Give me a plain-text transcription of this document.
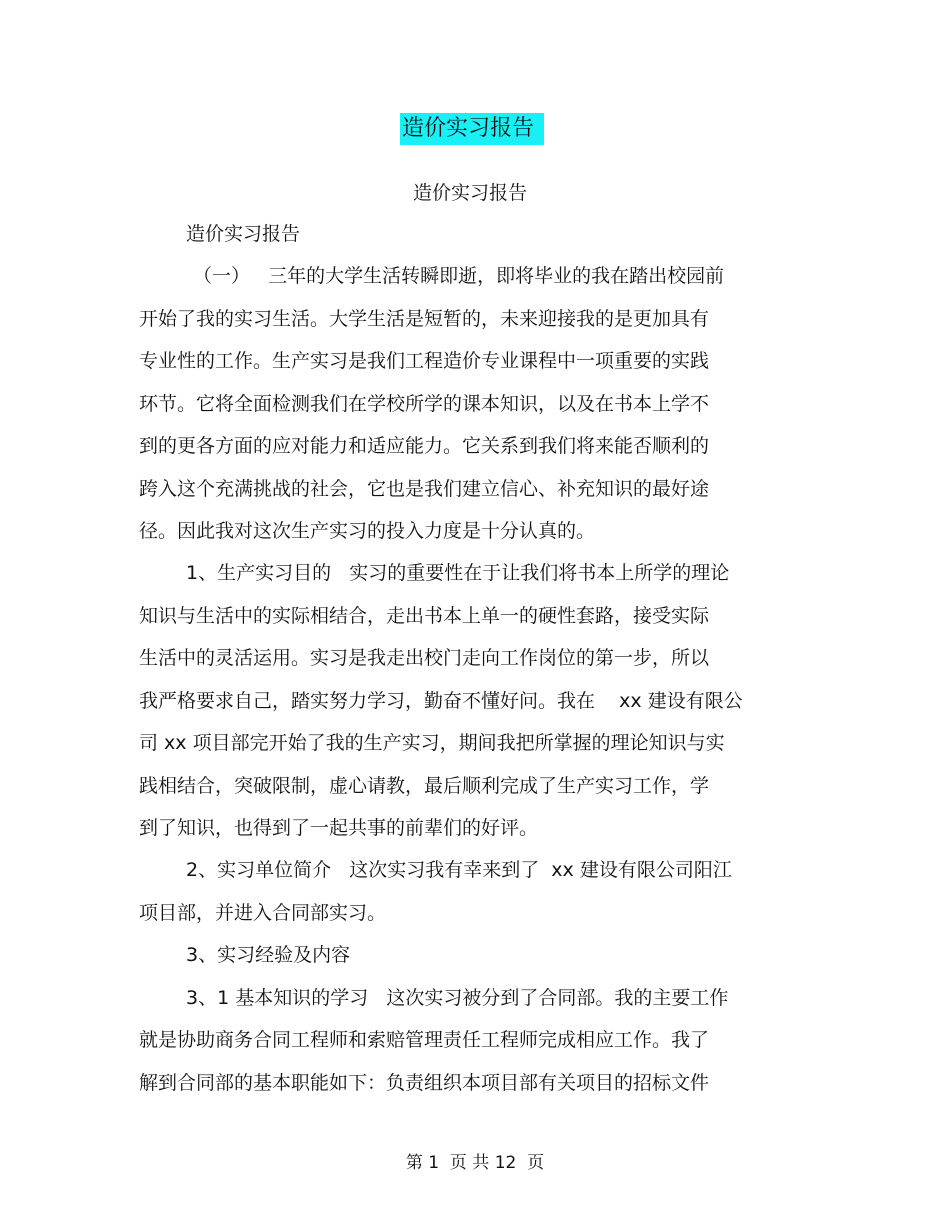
造价实习报告
造价实习报告
造价实习报告
（一）   三年的大学生活转瞬即逝，即将毕业的我在踏出校园前
开始了我的实习生活。大学生活是短暂的，未来迎接我的是更加具有
专业性的工作。生产实习是我们工程造价专业课程中一项重要的实践
环节。它将全面检测我们在学校所学的课本知识，以及在书本上学不
到的更各方面的应对能力和适应能力。它关系到我们将来能否顺利的
跨入这个充满挑战的社会，它也是我们建立信心、补充知识的最好途
径。因此我对这次生产实习的投入力度是十分认真的。
1、生产实习目的   实习的重要性在于让我们将书本上所学的理论
知识与生活中的实际相结合，走出书本上单一的硬性套路，接受实际
生活中的灵活运用。实习是我走出校门走向工作岗位的第一步，所以
我严格要求自己，踏实努力学习，勤奋不懂好问。我在    xx 建设有限公
司 xx 项目部完开始了我的生产实习，期间我把所掌握的理论知识与实
践相结合，突破限制，虚心请教，最后顺利完成了生产实习工作，学
到了知识，也得到了一起共事的前辈们的好评。
2、实习单位简介   这次实习我有幸来到了  xx 建设有限公司阳江
项目部，并进入合同部实习。
3、实习经验及内容
3、1 基本知识的学习   这次实习被分到了合同部。我的主要工作
就是协助商务合同工程师和索赔管理责任工程师完成相应工作。我了
解到合同部的基本职能如下：负责组织本项目部有关项目的招标文件
第 1  页 共 12  页
